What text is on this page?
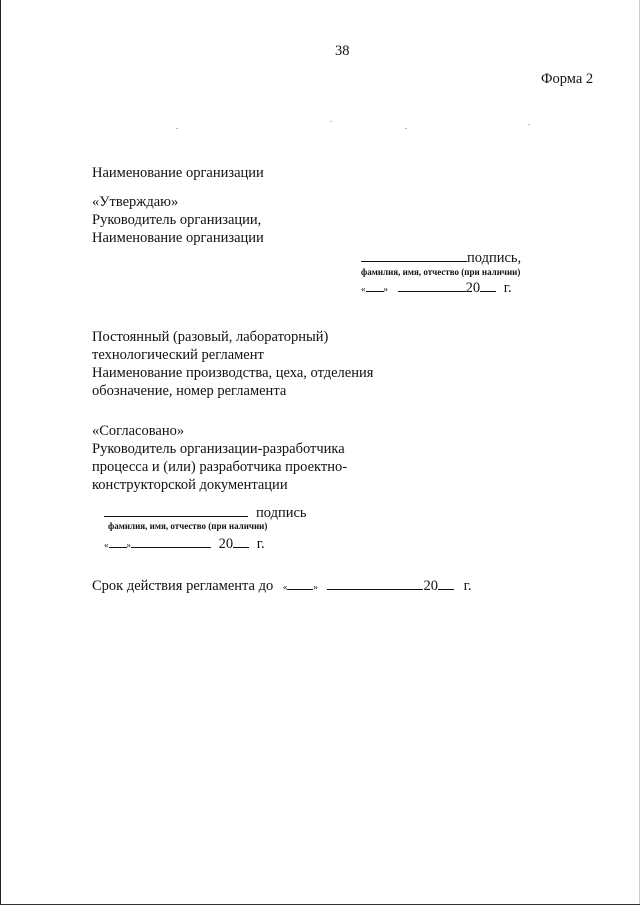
38
Форма 2
Наименование организации
«Утверждаю»
Руководитель организации,
Наименование организации
подпись,
фамилия, имя, отчество (при наличии)
« »	20 г.
Постоянный (разовый, лабораторный)
технологический регламент
Наименование производства, цеха, отделения
обозначение, номер регламента
«Согласовано»
Руководитель организации-разработчика
процесса и (или) разработчика проектно-
конструкторской документации
подпись
фамилия, имя, отчество (при наличии)
« »	20 г.
Срок действия регламента до «	»	20 г.
